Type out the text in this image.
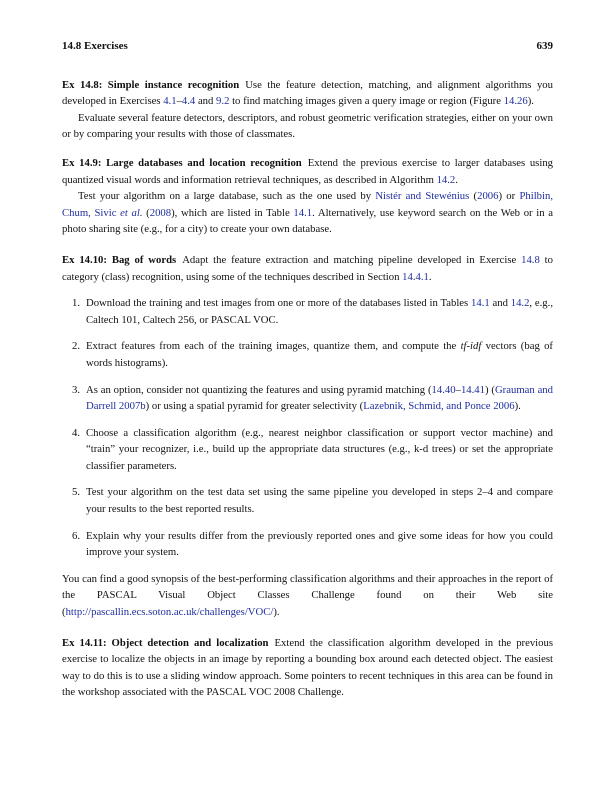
14.8 Exercises	639

Ex 14.8: Simple instance recognition Use the feature detection, matching, and alignment algorithms you developed in Exercises 4.1–4.4 and 9.2 to find matching images given a query image or region (Figure 14.26).

Evaluate several feature detectors, descriptors, and robust geometric verification strategies, either on your own or by comparing your results with those of classmates.

Ex 14.9: Large databases and location recognition Extend the previous exercise to larger databases using quantized visual words and information retrieval techniques, as described in Algorithm 14.2.

Test your algorithm on a large database, such as the one used by Nistér and Stewénius (2006) or Philbin, Chum, Sivic et al. (2008), which are listed in Table 14.1. Alternatively, use keyword search on the Web or in a photo sharing site (e.g., for a city) to create your own database.

Ex 14.10: Bag of words Adapt the feature extraction and matching pipeline developed in Exercise 14.8 to category (class) recognition, using some of the techniques described in Section 14.4.1.

1. Download the training and test images from one or more of the databases listed in Tables 14.1 and 14.2, e.g., Caltech 101, Caltech 256, or PASCAL VOC.
2. Extract features from each of the training images, quantize them, and compute the tf-idf vectors (bag of words histograms).
3. As an option, consider not quantizing the features and using pyramid matching (14.40–14.41) (Grauman and Darrell 2007b) or using a spatial pyramid for greater selectivity (Lazebnik, Schmid, and Ponce 2006).
4. Choose a classification algorithm (e.g., nearest neighbor classification or support vector machine) and “train” your recognizer, i.e., build up the appropriate data structures (e.g., k-d trees) or set the appropriate classifier parameters.
5. Test your algorithm on the test data set using the same pipeline you developed in steps 2–4 and compare your results to the best reported results.
6. Explain why your results differ from the previously reported ones and give some ideas for how you could improve your system.

You can find a good synopsis of the best-performing classification algorithms and their approaches in the report of the PASCAL Visual Object Classes Challenge found on their Web site (http://pascallin.ecs.soton.ac.uk/challenges/VOC/).

Ex 14.11: Object detection and localization Extend the classification algorithm developed in the previous exercise to localize the objects in an image by reporting a bounding box around each detected object. The easiest way to do this is to use a sliding window approach. Some pointers to recent techniques in this area can be found in the workshop associated with the PASCAL VOC 2008 Challenge.
